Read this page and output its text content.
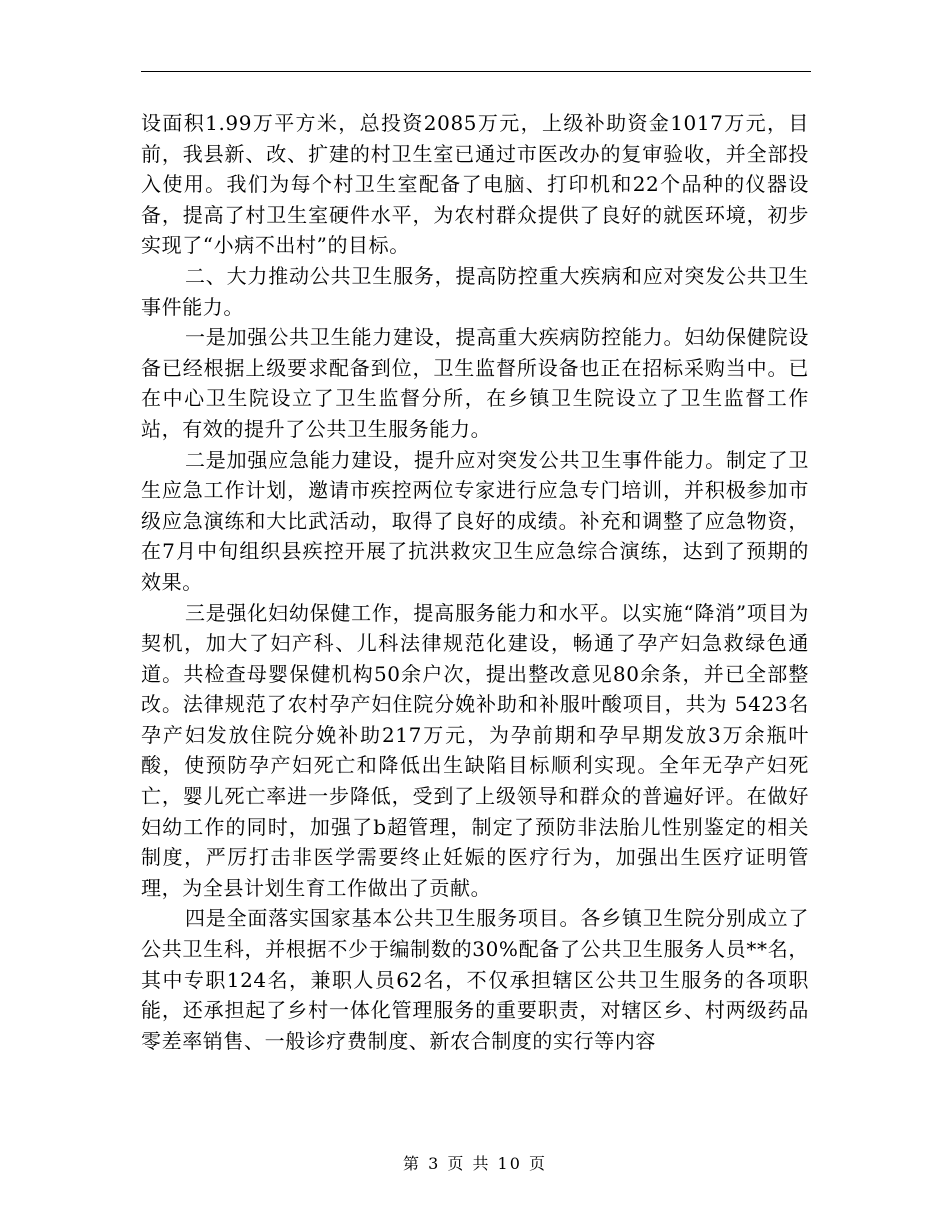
设面积1.99万平方米，总投资2085万元，上级补助资金1017万元，目前，我县新、改、扩建的村卫生室已通过市医改办的复审验收，并全部投入使用。我们为每个村卫生室配备了电脑、打印机和22个品种的仪器设备，提高了村卫生室硬件水平，为农村群众提供了良好的就医环境，初步实现了“小病不出村”的目标。

二、大力推动公共卫生服务，提高防控重大疾病和应对突发公共卫生事件能力。

一是加强公共卫生能力建设，提高重大疾病防控能力。妇幼保健院设备已经根据上级要求配备到位，卫生监督所设备也正在招标采购当中。已在中心卫生院设立了卫生监督分所，在乡镇卫生院设立了卫生监督工作站，有效的提升了公共卫生服务能力。

二是加强应急能力建设，提升应对突发公共卫生事件能力。制定了卫生应急工作计划，邀请市疾控两位专家进行应急专门培训，并积极参加市级应急演练和大比武活动，取得了良好的成绩。补充和调整了应急物资，在7月中旬组织县疾控开展了抗洪救灾卫生应急综合演练，达到了预期的效果。

三是强化妇幼保健工作，提高服务能力和水平。以实施“降消”项目为契机，加大了妇产科、儿科法律规范化建设，畅通了孕产妇急救绿色通道。共检查母婴保健机构50余户次，提出整改意见80余条，并已全部整改。法律规范了农村孕产妇住院分娩补助和补服叶酸项目，共为 5423名孕产妇发放住院分娩补助217万元，为孕前期和孕早期发放3万余瓶叶酸，使预防孕产妇死亡和降低出生缺陷目标顺利实现。全年无孕产妇死亡，婴儿死亡率进一步降低，受到了上级领导和群众的普遍好评。在做好妇幼工作的同时，加强了b超管理，制定了预防非法胎儿性别鉴定的相关制度，严厉打击非医学需要终止妊娠的医疗行为，加强出生医疗证明管理，为全县计划生育工作做出了贡献。

四是全面落实国家基本公共卫生服务项目。各乡镇卫生院分别成立了公共卫生科，并根据不少于编制数的30%配备了公共卫生服务人员**名，其中专职124名，兼职人员62名，不仅承担辖区公共卫生服务的各项职能，还承担起了乡村一体化管理服务的重要职责，对辖区乡、村两级药品零差率销售、一般诊疗费制度、新农合制度的实行等内容

第 3 页 共 10 页
